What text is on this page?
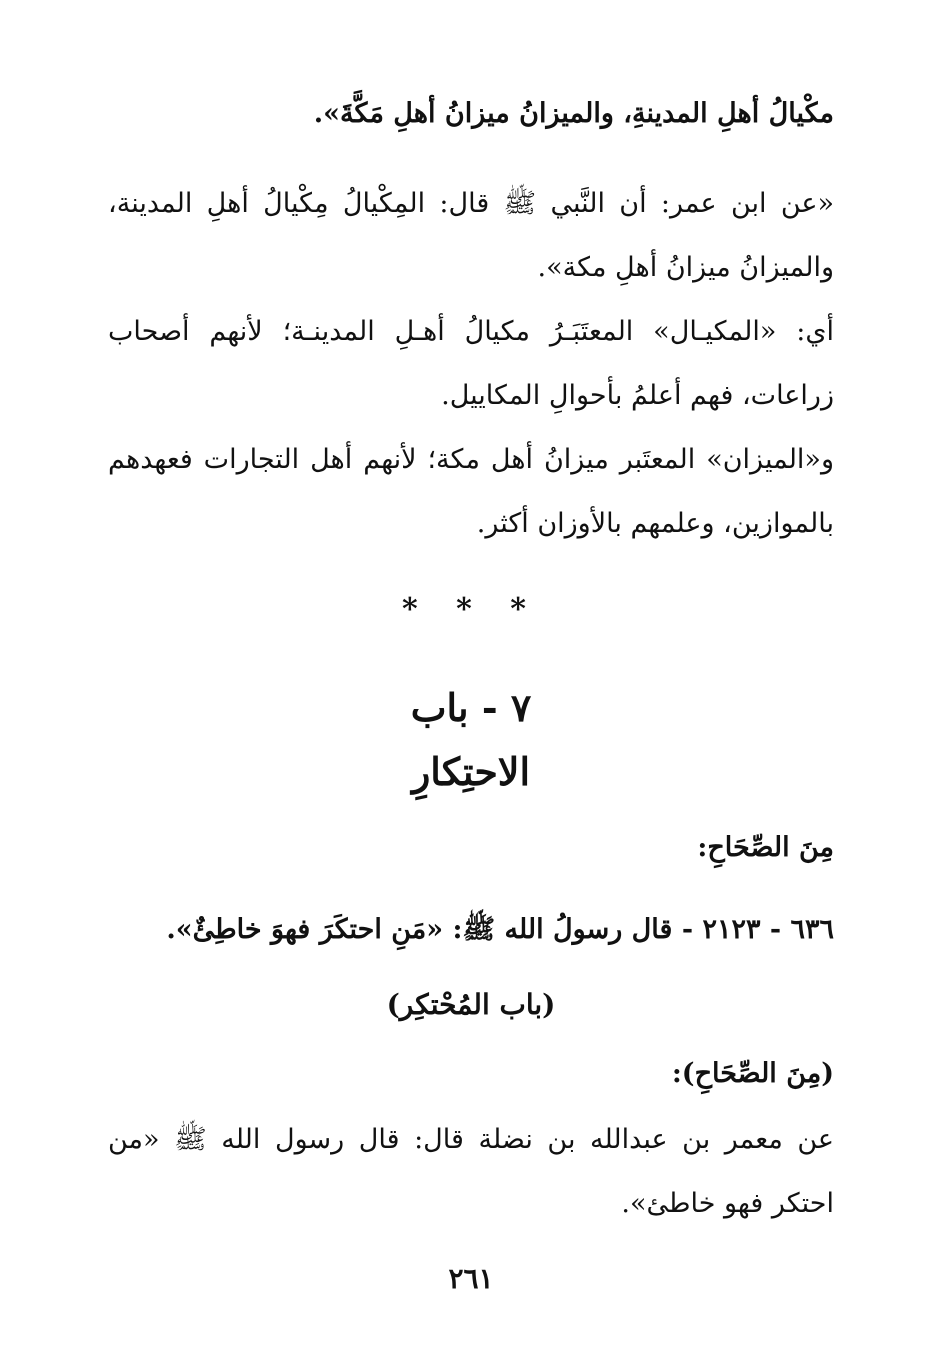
مكْيالُ أهلِ المدينةِ، والميزانُ ميزانُ أهلِ مَكَّةَ».
«عن ابن عمر: أن النَّبي ﷺ قال: المِكْيالُ مِكْيالُ أهلِ المدينة، والميزانُ ميزانُ أهلِ مكة».
أي: «المكيـال» المعتَبَـرُ مكيالُ أهـلِ المدينـة؛ لأنهم أصحاب زراعات، فهم أعلمُ بأحوالِ المكاييل.
و«الميزان» المعتَبر ميزانُ أهل مكة؛ لأنهم أهل التجارات فعهدهم بالموازين، وعلمهم بالأوزان أكثر.
* * *
٧ - باب
الاحتِكارِ
مِنَ الصِّحَاحِ:
٦٣٦ - ٢١٢٣ - قال رسولُ الله ﷺ: «مَنِ احتكَرَ فهوَ خاطِئٌ».
(باب المُحْتكِر)
(مِنَ الصِّحَاحِ):
عن معمر بن عبدالله بن نضلة قال: قال رسول الله ﷺ «من احتكر فهو خاطئ».
٢٦١
